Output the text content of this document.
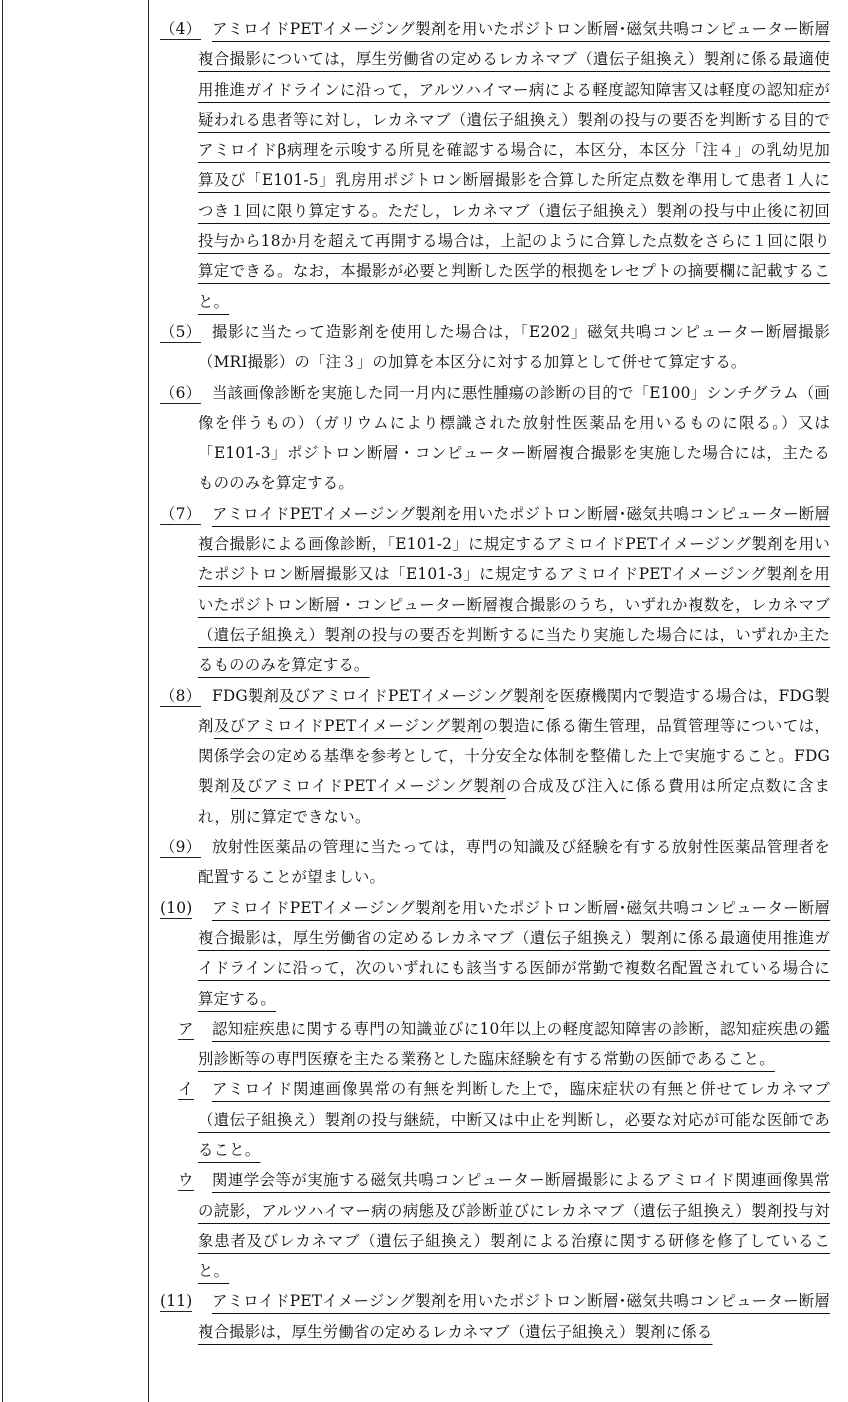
（4） アミロイドPETイメージング製剤を用いたポジトロン断層･磁気共鳴コンピューター断層複合撮影については，厚生労働省の定めるレカネマブ（遺伝子組換え）製剤に係る最適使用推進ガイドラインに沿って，アルツハイマー病による軽度認知障害又は軽度の認知症が疑われる患者等に対し，レカネマブ（遺伝子組換え）製剤の投与の要否を判断する目的でアミロイドβ病理を示唆する所見を確認する場合に，本区分，本区分「注４」の乳幼児加算及び「E101-5」乳房用ポジトロン断層撮影を合算した所定点数を準用して患者１人につき１回に限り算定する。ただし，レカネマブ（遺伝子組換え）製剤の投与中止後に初回投与から18か月を超えて再開する場合は，上記のように合算した点数をさらに１回に限り算定できる。なお，本撮影が必要と判断した医学的根拠をレセプトの摘要欄に記載すること。
（5） 撮影に当たって造影剤を使用した場合は，「E202」磁気共鳴コンピューター断層撮影（MRI撮影）の「注３」の加算を本区分に対する加算として併せて算定する。
（6） 当該画像診断を実施した同一月内に悪性腫瘍の診断の目的で「E100」シンチグラム（画像を伴うもの）（ガリウムにより標識された放射性医薬品を用いるものに限る。）又は「E101-3」ポジトロン断層・コンピューター断層複合撮影を実施した場合には，主たるもののみを算定する。
（7） アミロイドPETイメージング製剤を用いたポジトロン断層･磁気共鳴コンピューター断層複合撮影による画像診断，「E101-2」に規定するアミロイドPETイメージング製剤を用いたポジトロン断層撮影又は「E101-3」に規定するアミロイドPETイメージング製剤を用いたポジトロン断層・コンピューター断層複合撮影のうち，いずれか複数を，レカネマブ（遺伝子組換え）製剤の投与の要否を判断するに当たり実施した場合には，いずれか主たるもののみを算定する。
（8） FDG製剤及びアミロイドPETイメージング製剤を医療機関内で製造する場合は，FDG製剤及びアミロイドPETイメージング製剤の製造に係る衛生管理，品質管理等については，関係学会の定める基準を参考として，十分安全な体制を整備した上で実施すること。FDG製剤及びアミロイドPETイメージング製剤の合成及び注入に係る費用は所定点数に含まれ，別に算定できない。
（9） 放射性医薬品の管理に当たっては，専門の知識及び経験を有する放射性医薬品管理者を配置することが望ましい。
(10)	アミロイドPETイメージング製剤を用いたポジトロン断層･磁気共鳴コンピューター断層複合撮影は，厚生労働省の定めるレカネマブ（遺伝子組換え）製剤に係る最適使用推進ガイドラインに沿って，次のいずれにも該当する医師が常勤で複数名配置されている場合に算定する。
ア	認知症疾患に関する専門の知識並びに10年以上の軽度認知障害の診断，認知症疾患の鑑別診断等の専門医療を主たる業務とした臨床経験を有する常勤の医師であること。
イ	アミロイド関連画像異常の有無を判断した上で，臨床症状の有無と併せてレカネマブ（遺伝子組換え）製剤の投与継続，中断又は中止を判断し，必要な対応が可能な医師であること。
ウ	関連学会等が実施する磁気共鳴コンピューター断層撮影によるアミロイド関連画像異常の読影，アルツハイマー病の病態及び診断並びにレカネマブ（遺伝子組換え）製剤投与対象患者及びレカネマブ（遺伝子組換え）製剤による治療に関する研修を修了していること。
(11)	アミロイドPETイメージング製剤を用いたポジトロン断層･磁気共鳴コンピューター断層複合撮影は，厚生労働省の定めるレカネマブ（遺伝子組換え）製剤に係る
